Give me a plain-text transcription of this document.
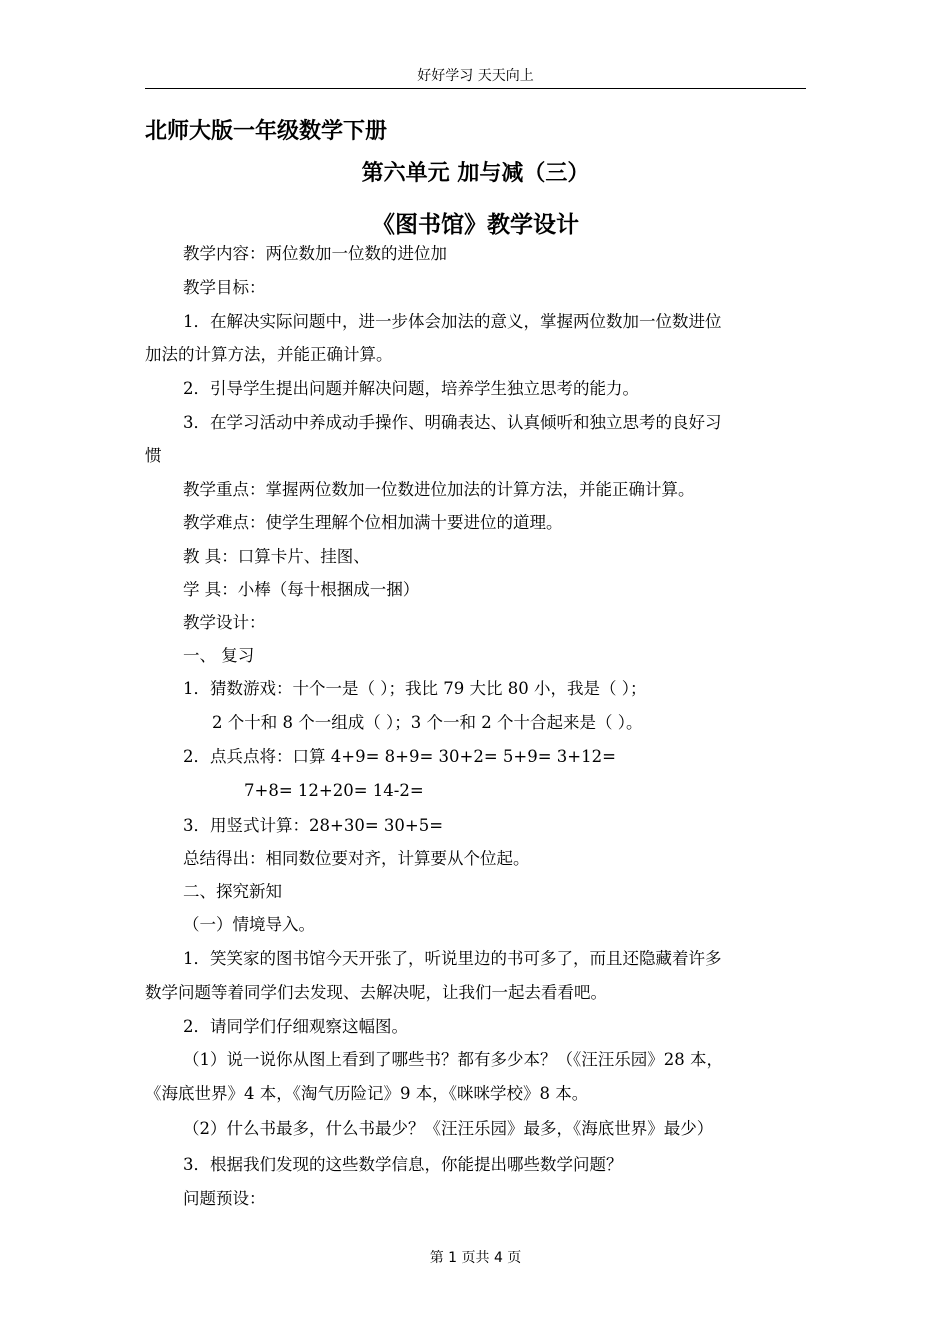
好好学习 天天向上
北师大版一年级数学下册
第六单元 加与减（三）
《图书馆》教学设计
教学内容：两位数加一位数的进位加
教学目标：
1．在解决实际问题中，进一步体会加法的意义，掌握两位数加一位数进位
加法的计算方法，并能正确计算。
2．引导学生提出问题并解决问题，培养学生独立思考的能力。
3．在学习活动中养成动手操作、明确表达、认真倾听和独立思考的良好习
惯
教学重点：掌握两位数加一位数进位加法的计算方法，并能正确计算。
教学难点：使学生理解个位相加满十要进位的道理。
教 具：口算卡片、挂图、
学 具：小棒（每十根捆成一捆）
教学设计：
一、 复习
1．猜数游戏：十个一是（ ）；我比 79 大比 80 小，我是（ ）；
2 个十和 8 个一组成（ ）；3 个一和 2 个十合起来是（ ）。
2．点兵点将：口算 4+9= 8+9= 30+2= 5+9= 3+12=
7+8= 12+20= 14-2=
3．用竖式计算：28+30= 30+5=
总结得出：相同数位要对齐，计算要从个位起。
二、探究新知
（一）情境导入。
1．笑笑家的图书馆今天开张了，听说里边的书可多了，而且还隐藏着许多
数学问题等着同学们去发现、去解决呢，让我们一起去看看吧。
2．请同学们仔细观察这幅图。
（1）说一说你从图上看到了哪些书？都有多少本？（《汪汪乐园》28 本，
《海底世界》4 本，《淘气历险记》9 本，《咪咪学校》8 本。
（2）什么书最多，什么书最少？《汪汪乐园》最多，《海底世界》最少）
3．根据我们发现的这些数学信息，你能提出哪些数学问题？
问题预设：
第 1 页共 4 页
